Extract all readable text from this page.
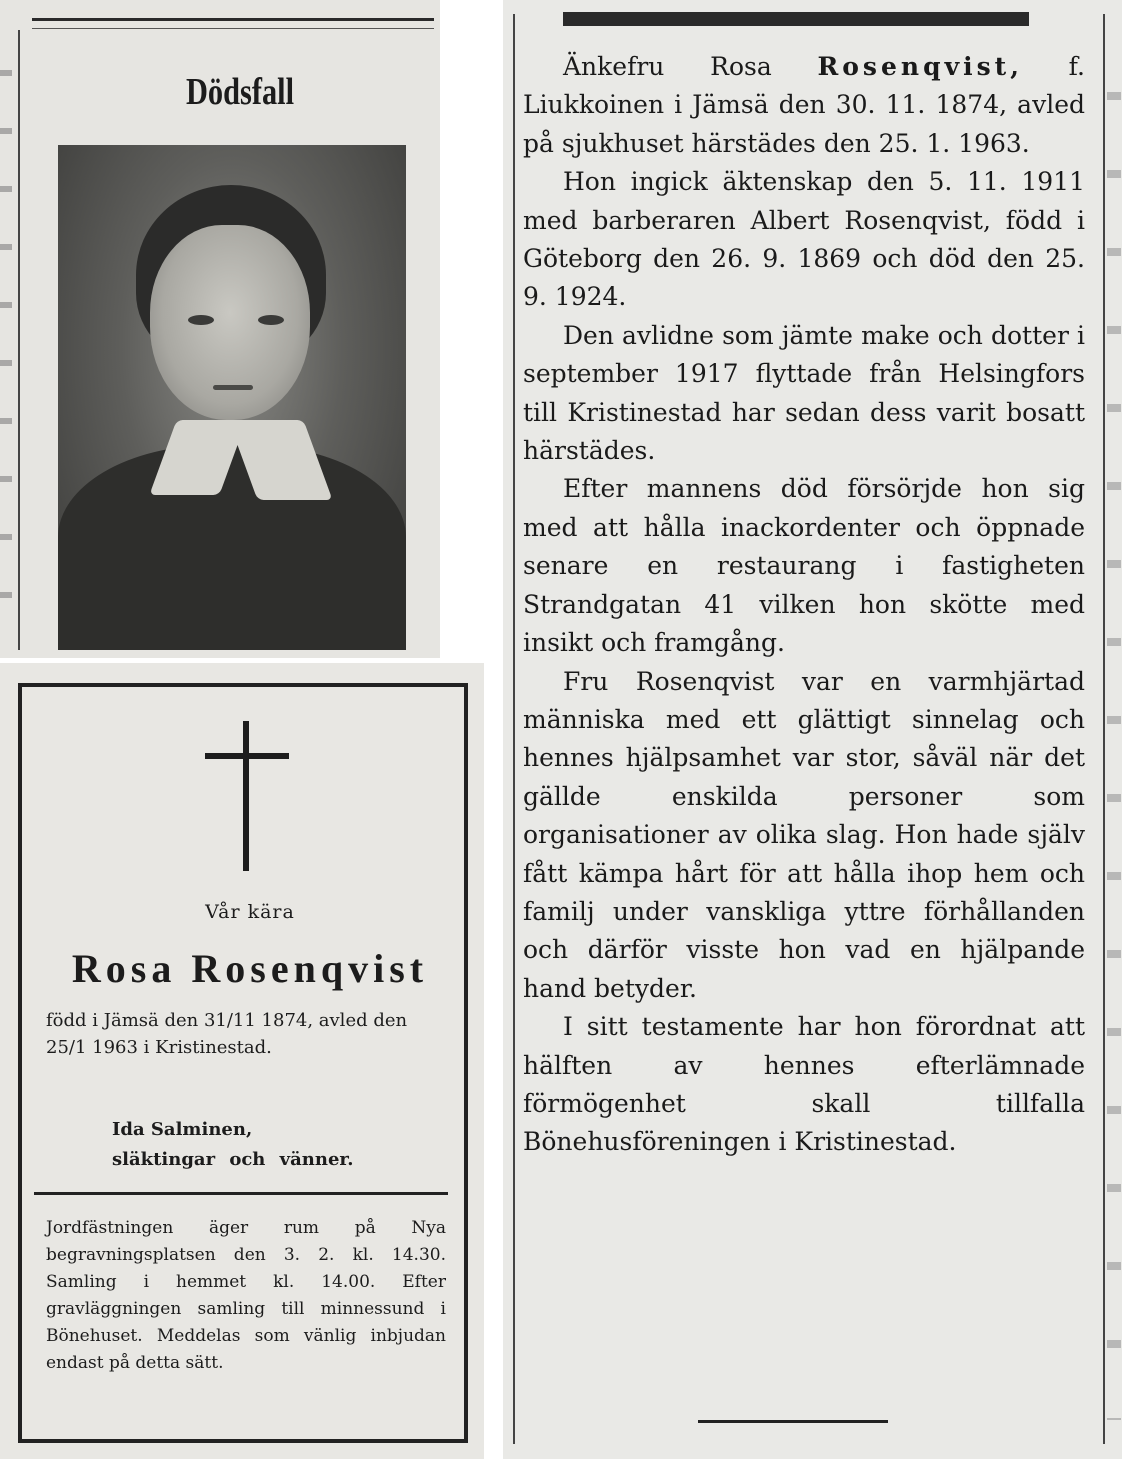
Dödsfall
Vår kära
Rosa Rosenqvist
född i Jämsä den 31/11 1874, avled den 25/1 1963 i Kristinestad.
Ida Salminen,
släktingar och vänner.
Jordfästningen äger rum på Nya begravningsplatsen den 3. 2. kl. 14.30. Samling i hemmet kl. 14.00. Efter gravläggningen samling till minnessund i Bönehuset. Meddelas som vänlig inbjudan endast på detta sätt.

Änkefru Rosa Rosenqvist, f. Liukkoinen i Jämsä den 30. 11. 1874, avled på sjukhuset härstädes den 25. 1. 1963.

Hon ingick äktenskap den 5. 11. 1911 med barberaren Albert Rosenqvist, född i Göteborg den 26. 9. 1869 och död den 25. 9. 1924.

Den avlidne som jämte make och dotter i september 1917 flyttade från Helsingfors till Kristinestad har sedan dess varit bosatt härstädes.

Efter mannens död försörjde hon sig med att hålla inackordenter och öppnade senare en restaurang i fastigheten Strandgatan 41 vilken hon skötte med insikt och framgång.

Fru Rosenqvist var en varmhjärtad människa med ett glättigt sinnelag och hennes hjälpsamhet var stor, såväl när det gällde enskilda personer som organisationer av olika slag. Hon hade själv fått kämpa hårt för att hålla ihop hem och familj under vanskliga yttre förhållanden och därför visste hon vad en hjälpande hand betyder.

I sitt testamente har hon förordnat att hälften av hennes efterlämnade förmögenhet skall tillfalla Bönehusföreningen i Kristinestad.
